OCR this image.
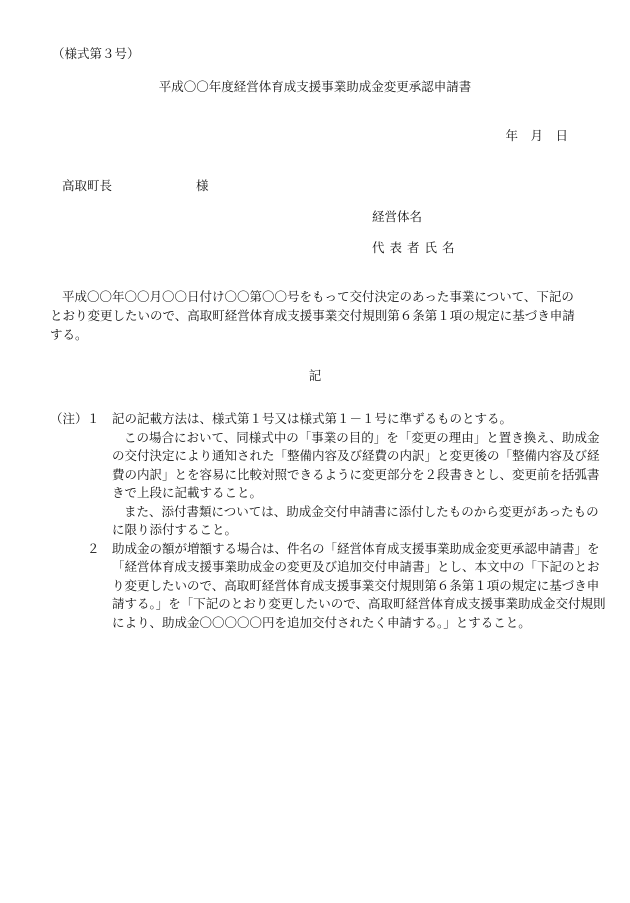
（様式第３号）
平成〇〇年度経営体育成支援事業助成金変更承認申請書
年　月　日
高取町長	様
経営体名
代表者氏名
平成〇〇年〇〇月〇〇日付け〇〇第〇〇号をもって交付決定のあった事業について、下記のとおり変更したいので、高取町経営体育成支援事業交付規則第６条第１項の規定に基づき申請する。
記
（注） １ 記の記載方法は、様式第１号又は様式第１－１号に準ずるものとする。
この場合において、同様式中の「事業の目的」を「変更の理由」と置き換え、助成金の交付決定により通知された「整備内容及び経費の内訳」と変更後の「整備内容及び経費の内訳」とを容易に比較対照できるように変更部分を２段書きとし、変更前を括弧書きで上段に記載すること。
また、添付書類については、助成金交付申請書に添付したものから変更があったものに限り添付すること。
２ 助成金の額が増額する場合は、件名の「経営体育成支援事業助成金変更承認申請書」を「経営体育成支援事業助成金の変更及び追加交付申請書」とし、本文中の「下記のとおり変更したいので、高取町経営体育成支援事業交付規則第６条第１項の規定に基づき申請する。」を「下記のとおり変更したいので、高取町経営体育成支援事業助成金交付規則により、助成金〇〇〇〇〇円を追加交付されたく申請する。」とすること。
